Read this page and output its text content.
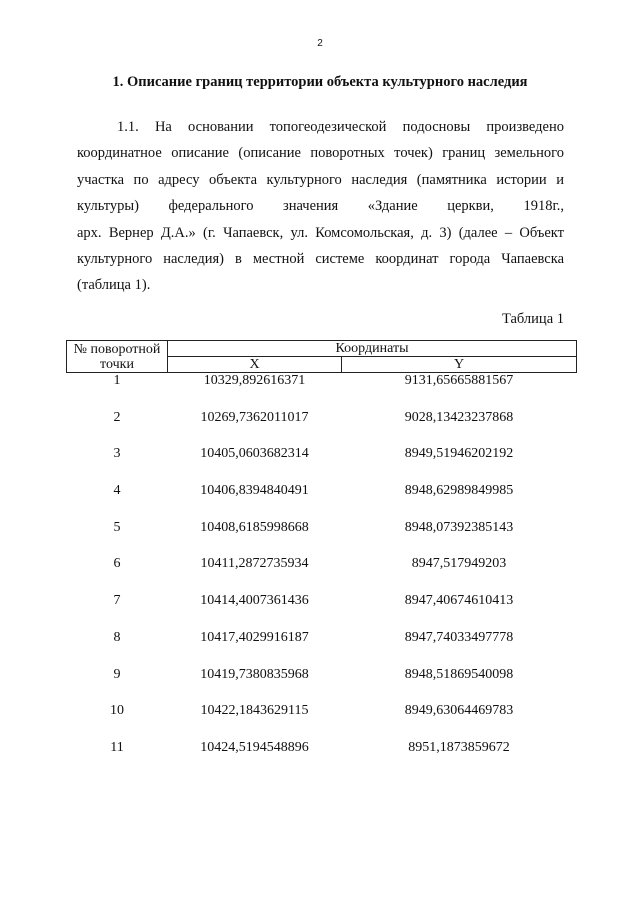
2
1. Описание границ территории объекта культурного наследия
1.1. На основании топогеодезической подосновы произведено
координатное описание (описание поворотных точек) границ земельного
участка по адресу объекта культурного наследия (памятника истории и
культуры) федерального значения «Здание церкви, 1918г.,
арх. Вернер Д.А.» (г. Чапаевск, ул. Комсомольская, д. 3) (далее – Объект
культурного наследия) в местной системе координат города Чапаевска
(таблица 1).
Таблица 1
№ поворотной
точки	Координаты	
	X	Y
1	10329,892616371	9131,65665881567
2	10269,7362011017	9028,13423237868
3	10405,0603682314	8949,51946202192
4	10406,8394840491	8948,62989849985
5	10408,6185998668	8948,07392385143
6	10411,2872735934	8947,517949203
7	10414,4007361436	8947,40674610413
8	10417,4029916187	8947,74033497778
9	10419,7380835968	8948,51869540098
10	10422,1843629115	8949,63064469783
11	10424,5194548896	8951,1873859672
